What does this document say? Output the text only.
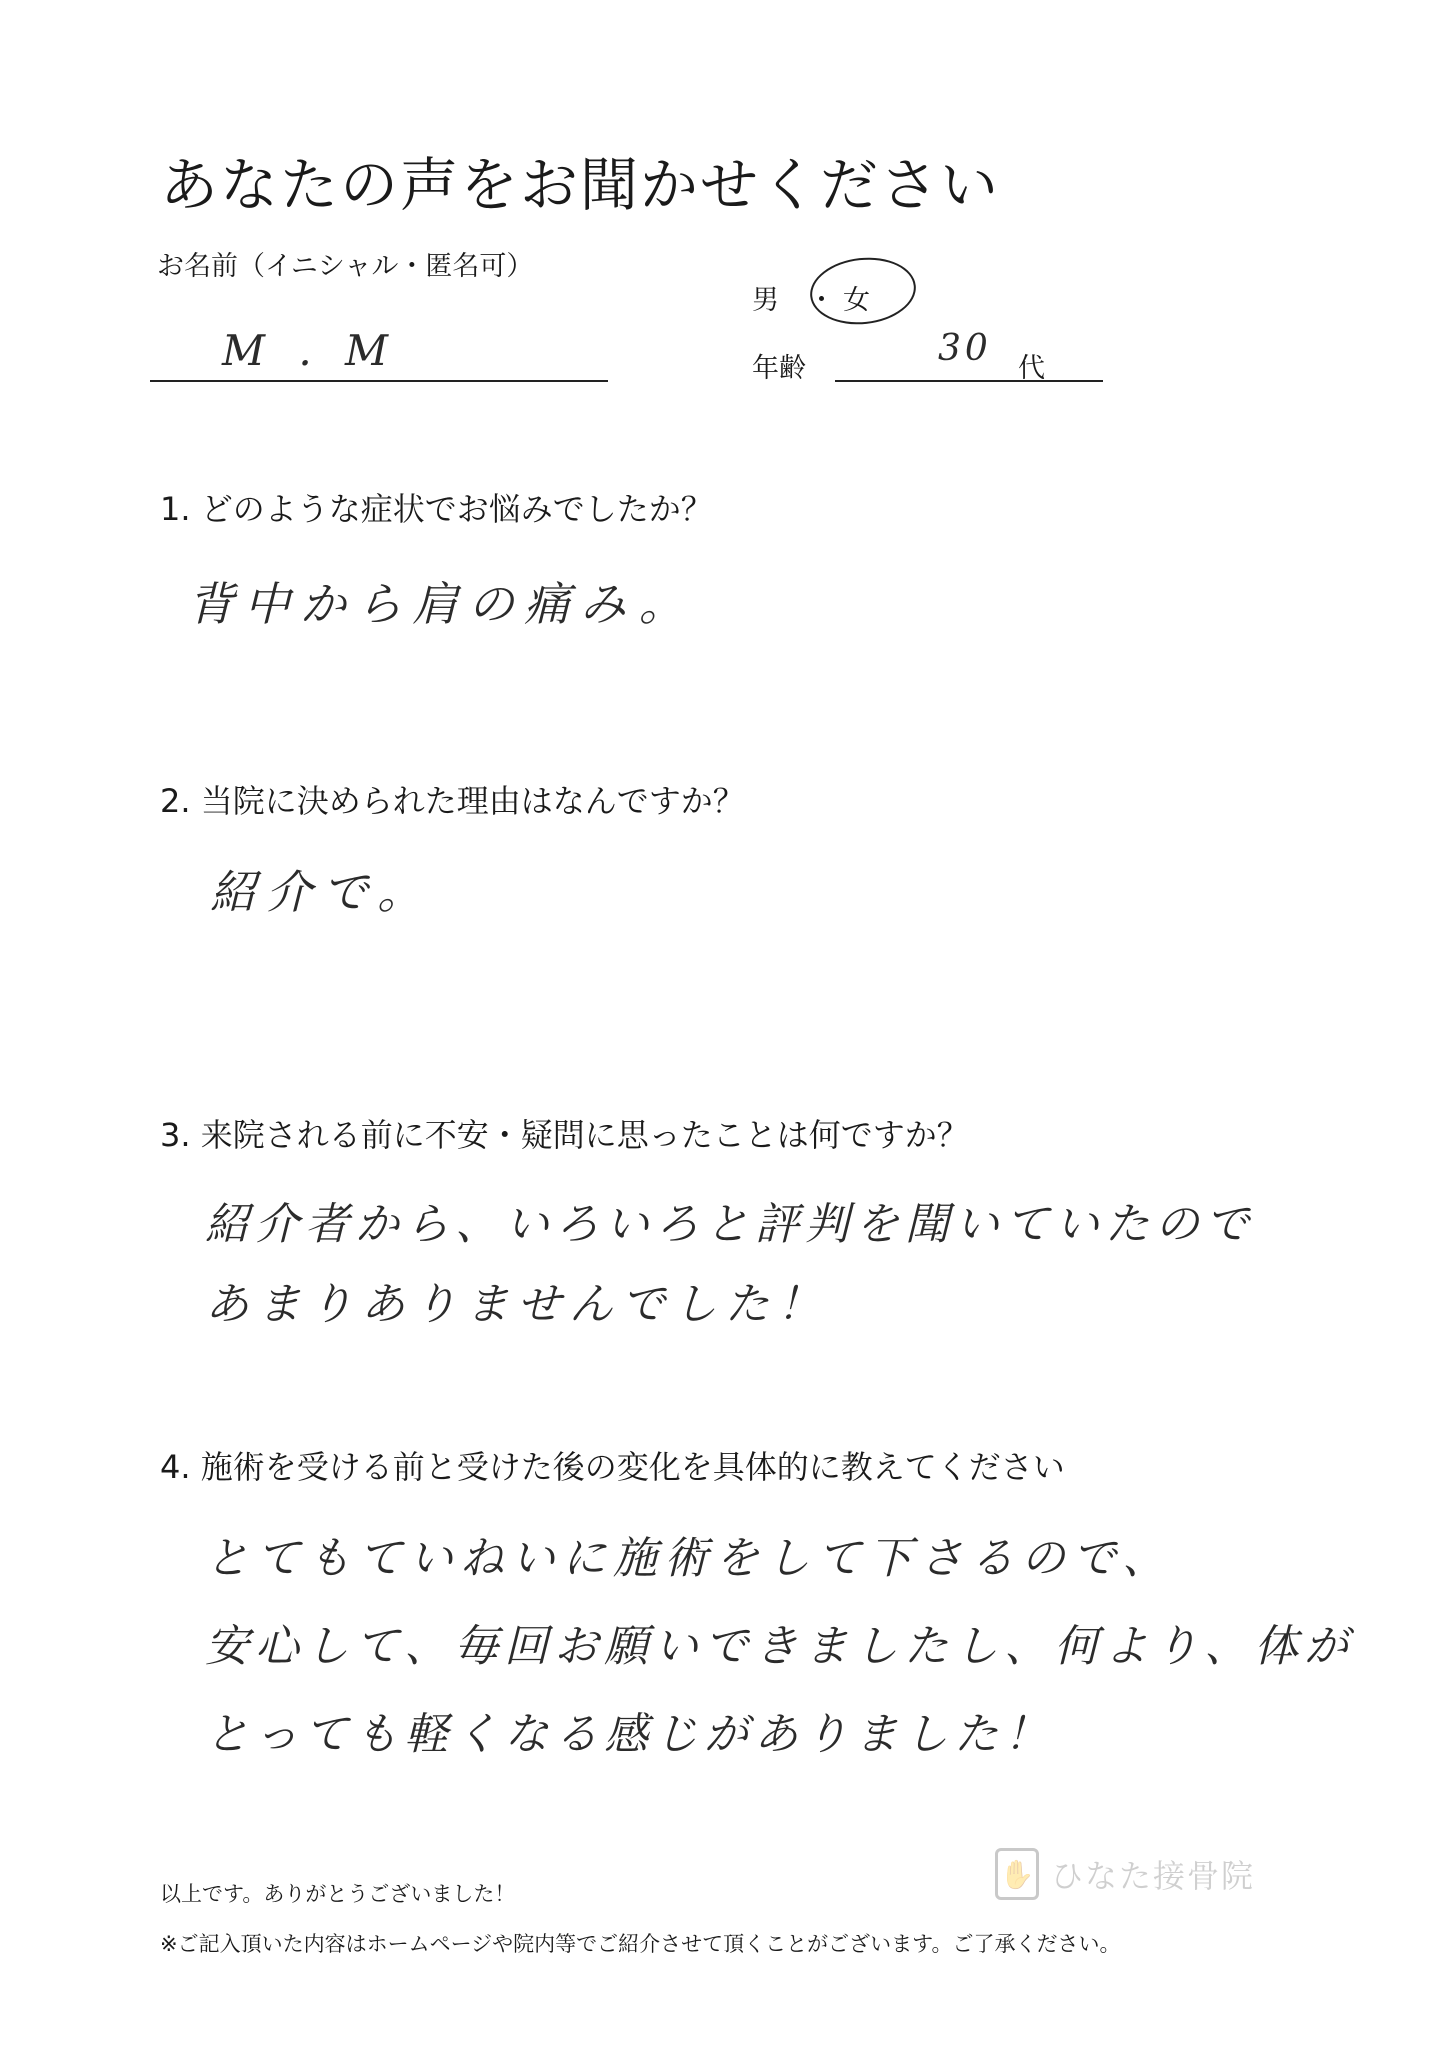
あなたの声をお聞かせください
お名前（イニシャル・匿名可）
M . M
男 ・ 女
年齢	30 代
1. どのような症状でお悩みでしたか？
背中から肩の痛み。
2. 当院に決められた理由はなんですか？
紹介で。
3. 来院される前に不安・疑問に思ったことは何ですか？
紹介者から、いろいろと評判を聞いていたので
あまりありませんでした！
4. 施術を受ける前と受けた後の変化を具体的に教えてください
とてもていねいに施術をして下さるので、
安心して、毎回お願いできましたし、何より、体が
とっても軽くなる感じがありました！
✋ ひなた接骨院
以上です。ありがとうございました！
※ご記入頂いた内容はホームページや院内等でご紹介させて頂くことがございます。ご了承ください。
